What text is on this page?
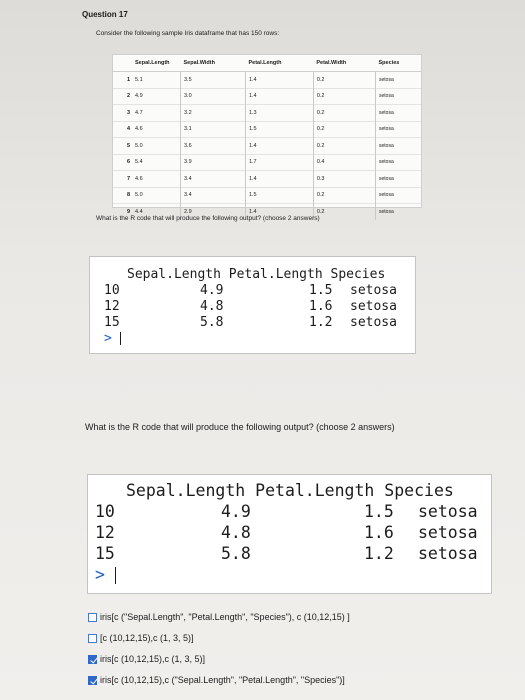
Question 17
Consider the following sample Iris dataframe that has 150 rows:
	Sepal.Length	Sepal.Width	Petal.Length	Petal.Width	Species
1	5.1	3.5	1.4	0.2	setosa
2	4.9	3.0	1.4	0.2	setosa
3	4.7	3.2	1.3	0.2	setosa
4	4.6	3.1	1.5	0.2	setosa
5	5.0	3.6	1.4	0.2	setosa
6	5.4	3.9	1.7	0.4	setosa
7	4.6	3.4	1.4	0.3	setosa
8	5.0	3.4	1.5	0.2	setosa
9	4.4	2.9	1.4	0.2	setosa
What is the R code that will produce the following output? (choose 2 answers)
Sepal.Length Petal.Length Species
10	4.9	1.5 setosa
12	4.8	1.6 setosa
15	5.8	1.2 setosa
>
What is the R code that will produce the following output? (choose 2 answers)
Sepal.Length Petal.Length Species
10	4.9	1.5 setosa
12	4.8	1.6 setosa
15	5.8	1.2 setosa
>
iris[c ("Sepal.Length", "Petal.Length", "Species"), c (10,12,15) ]
[c (10,12,15),c (1, 3, 5)]
iris[c (10,12,15),c (1, 3, 5)]
iris[c (10,12,15),c ("Sepal.Length", "Petal.Length", "Species")]
